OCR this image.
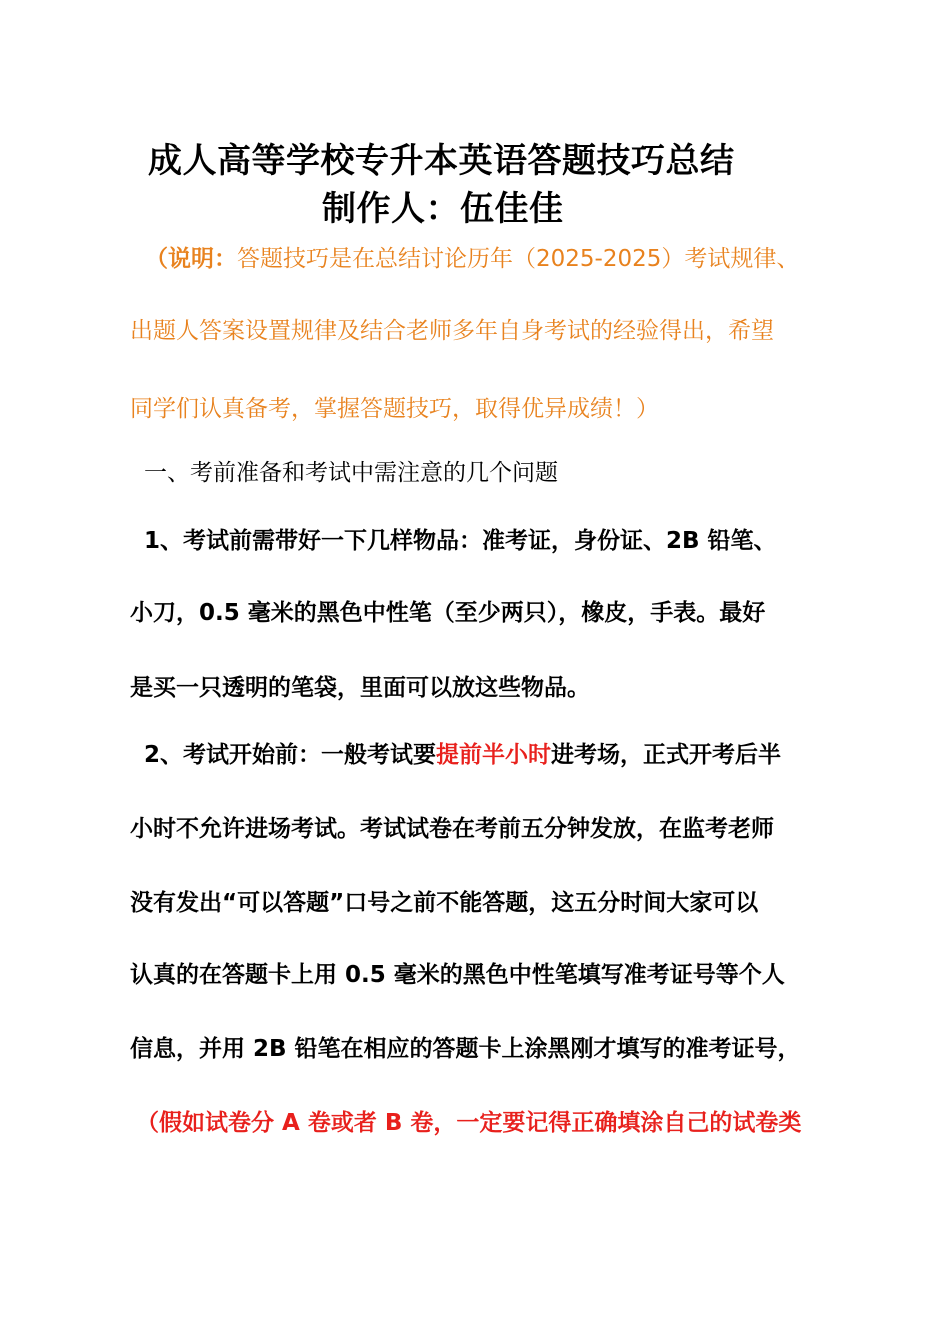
成人高等学校专升本英语答题技巧总结
制作人：伍佳佳
（说明：答题技巧是在总结讨论历年（2025-2025）考试规律、
出题人答案设置规律及结合老师多年自身考试的经验得出，希望
同学们认真备考，掌握答题技巧，取得优异成绩！）
一、考前准备和考试中需注意的几个问题
1、考试前需带好一下几样物品：准考证，身份证、2B 铅笔、
小刀，0.5 毫米的黑色中性笔（至少两只），橡皮，手表。最好
是买一只透明的笔袋，里面可以放这些物品。
2、考试开始前：一般考试要提前半小时进考场，正式开考后半
小时不允许进场考试。考试试卷在考前五分钟发放，在监考老师
没有发出“可以答题”口号之前不能答题，这五分时间大家可以
认真的在答题卡上用 0.5 毫米的黑色中性笔填写准考证号等个人
信息，并用 2B 铅笔在相应的答题卡上涂黑刚才填写的准考证号，
（假如试卷分 A 卷或者 B 卷，一定要记得正确填涂自己的试卷类
